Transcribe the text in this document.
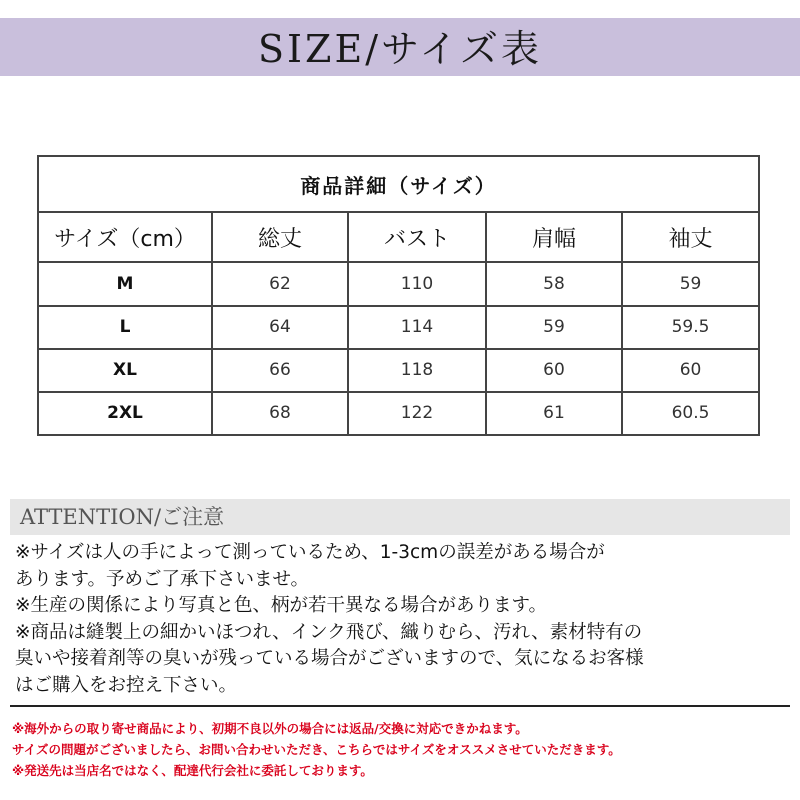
SIZE/サイズ表
商品詳細（サイズ）				
サイズ（cm）	総丈	バスト	肩幅	袖丈
M	62	110	58	59
L	64	114	59	59.5
XL	66	118	60	60
2XL	68	122	61	60.5
ATTENTION/ご注意
※サイズは人の手によって測っているため、1-3cmの誤差がある場合が
あります。予めご了承下さいませ。
※生産の関係により写真と色、柄が若干異なる場合があります。
※商品は縫製上の細かいほつれ、インク飛び、織りむら、汚れ、素材特有の
臭いや接着剤等の臭いが残っている場合がございますので、気になるお客様
はご購入をお控え下さい。
※海外からの取り寄せ商品により、初期不良以外の場合には返品/交換に対応できかねます。
サイズの問題がございましたら、お問い合わせいただき、こちらではサイズをオススメさせていただきます。
※発送先は当店名ではなく、配達代行会社に委託しております。
